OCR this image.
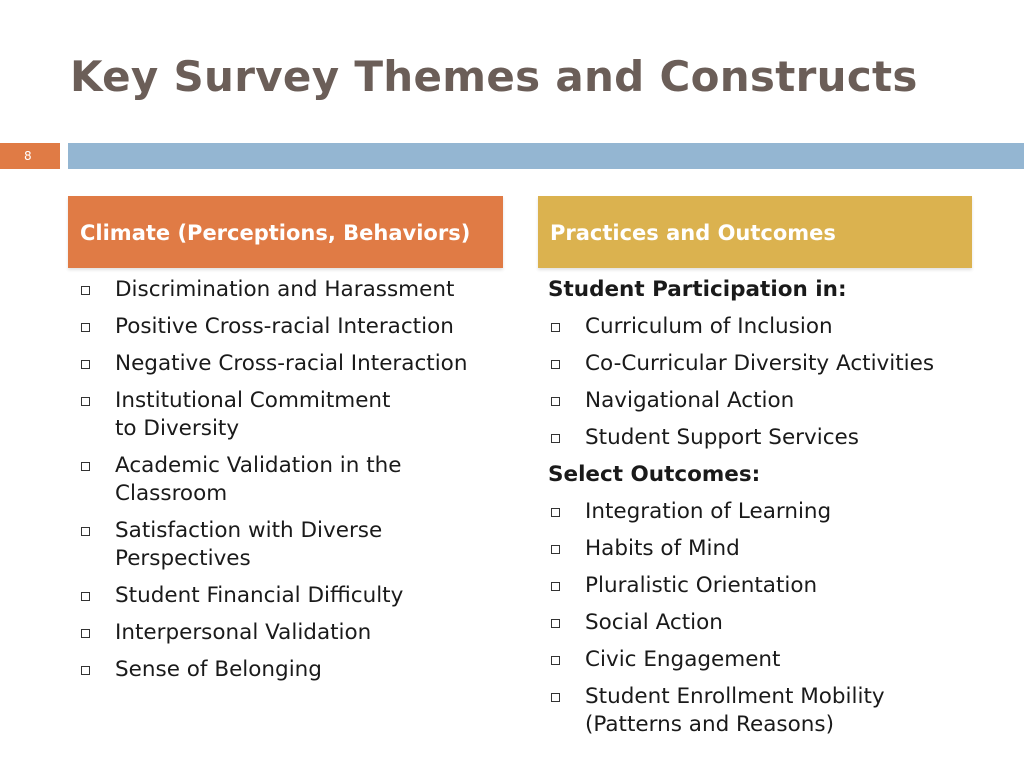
Key Survey Themes and Constructs
8
Climate (Perceptions, Behaviors)	Practices and Outcomes
Discrimination and Harassment
Positive Cross-racial Interaction
Negative Cross-racial Interaction
Institutional Commitment to Diversity
Academic Validation in the Classroom
Satisfaction with Diverse Perspectives
Student Financial Difficulty
Interpersonal Validation
Sense of Belonging
Student Participation in:
Curriculum of Inclusion
Co-Curricular Diversity Activities
Navigational Action
Student Support Services
Select Outcomes:
Integration of Learning
Habits of Mind
Pluralistic Orientation
Social Action
Civic Engagement
Student Enrollment Mobility (Patterns and Reasons)
